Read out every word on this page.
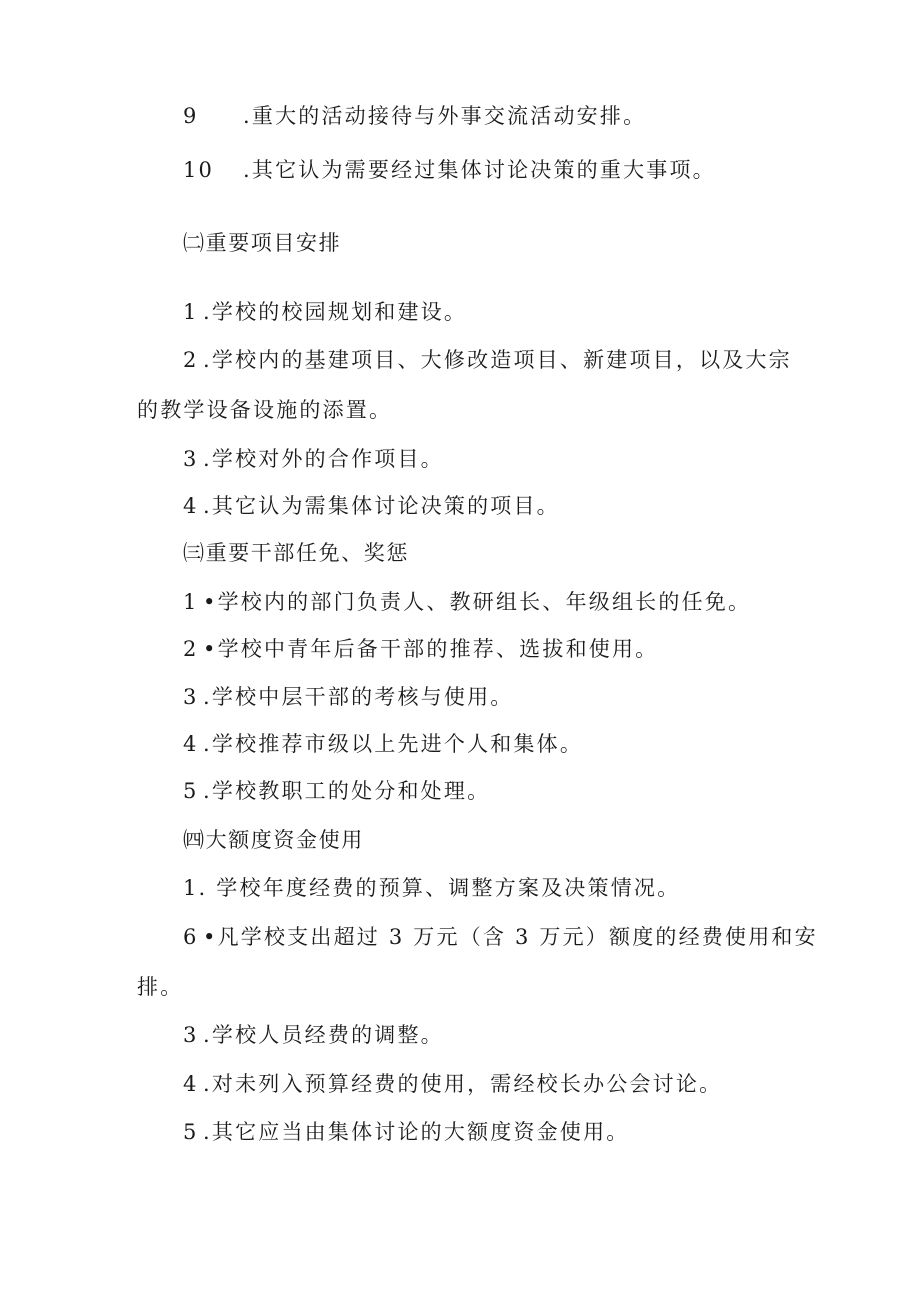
9 .重大的活动接待与外事交流活动安排。
10 .其它认为需要经过集体讨论决策的重大事项。
㈡重要项目安排
1 .学校的校园规划和建设。
2 .学校内的基建项目、大修改造项目、新建项目，以及大宗
的教学设备设施的添置。
3 .学校对外的合作项目。
4 .其它认为需集体讨论决策的项目。
㈢重要干部任免、奖惩
1 •学校内的部门负责人、教研组长、年级组长的任免。
2 •学校中青年后备干部的推荐、选拔和使用。
3 .学校中层干部的考核与使用。
4 .学校推荐市级以上先进个人和集体。
5 .学校教职工的处分和处理。
㈣大额度资金使用
1. 学校年度经费的预算、调整方案及决策情况。
6 •凡学校支出超过 3 万元（含 3 万元）额度的经费使用和安
排。
3 .学校人员经费的调整。
4 .对未列入预算经费的使用，需经校长办公会讨论。
5 .其它应当由集体讨论的大额度资金使用。
